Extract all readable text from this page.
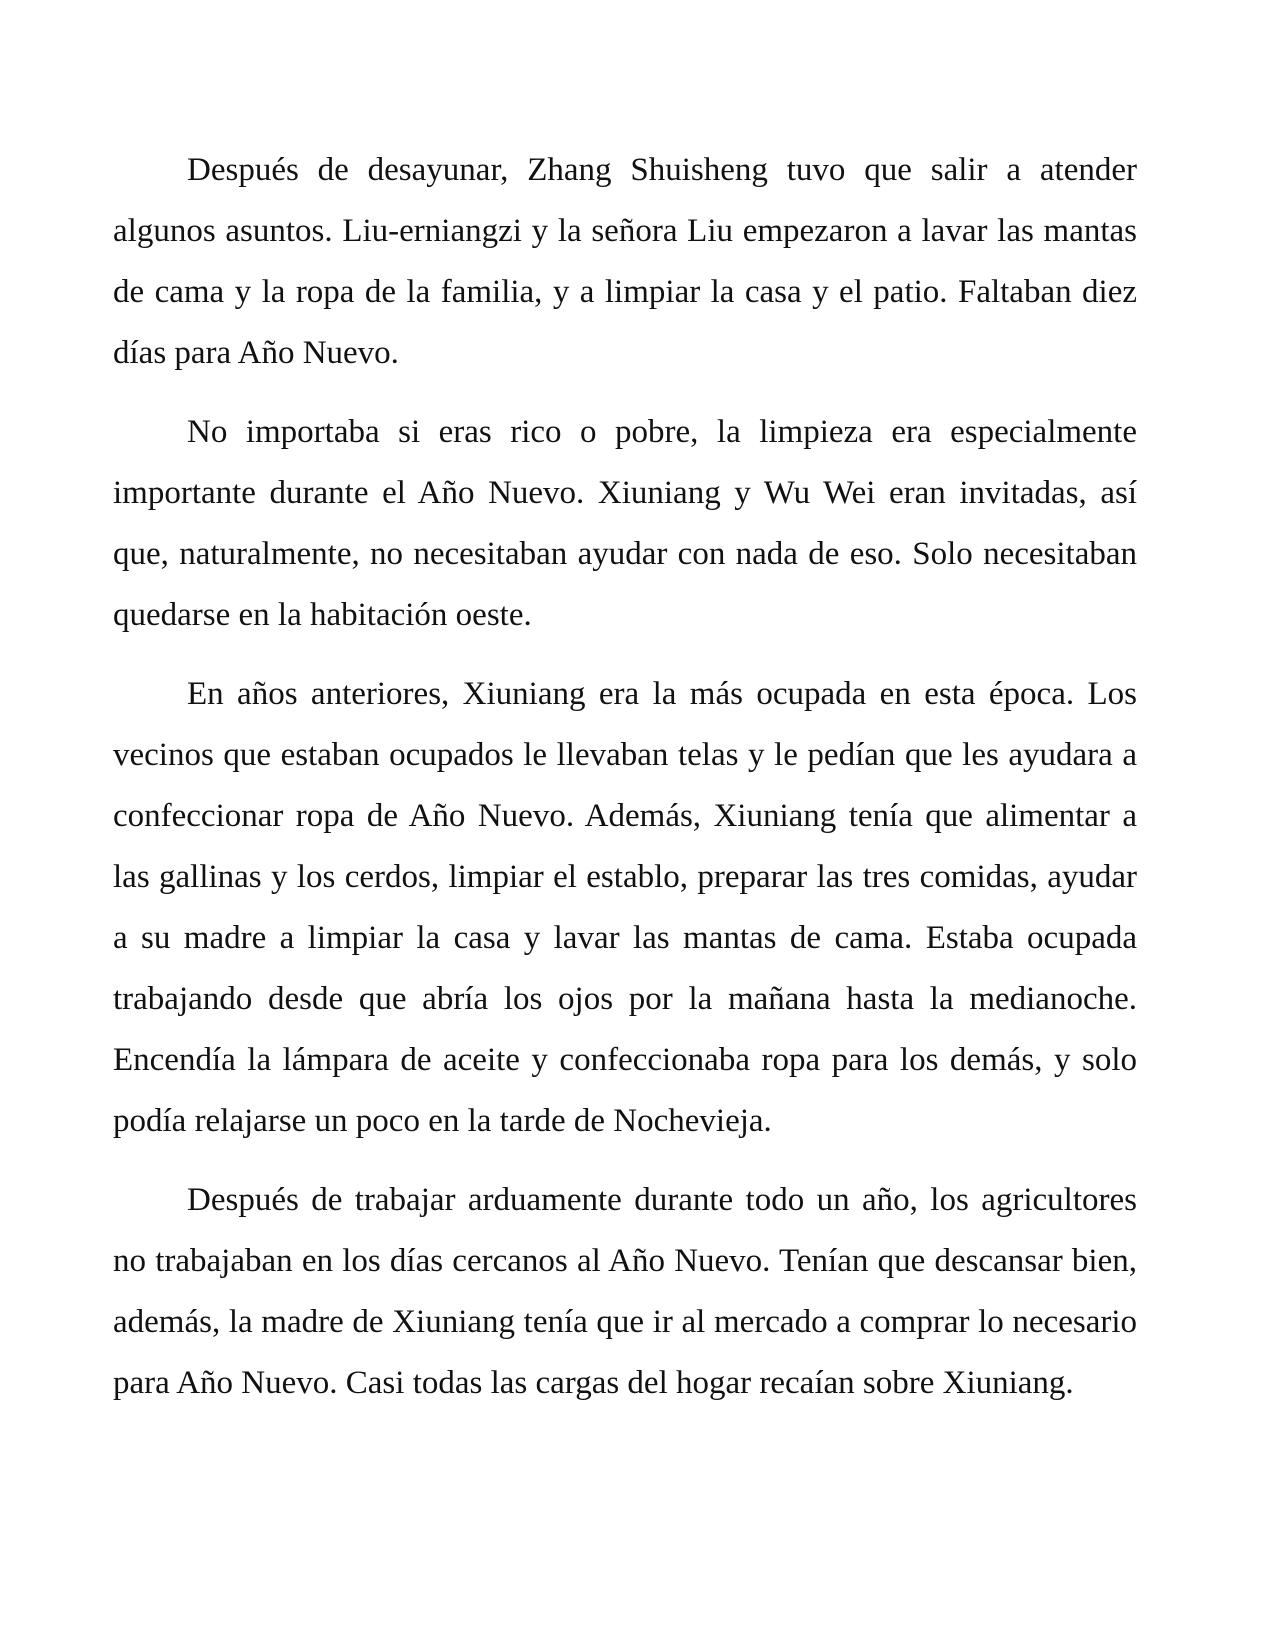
Después de desayunar, Zhang Shuisheng tuvo que salir a atender algunos asuntos. Liu-erniangzi y la señora Liu empezaron a lavar las mantas de cama y la ropa de la familia, y a limpiar la casa y el patio. Faltaban diez días para Año Nuevo.

No importaba si eras rico o pobre, la limpieza era especialmente importante durante el Año Nuevo. Xiuniang y Wu Wei eran invitadas, así que, naturalmente, no necesitaban ayudar con nada de eso. Solo necesitaban quedarse en la habitación oeste.

En años anteriores, Xiuniang era la más ocupada en esta época. Los vecinos que estaban ocupados le llevaban telas y le pedían que les ayudara a confeccionar ropa de Año Nuevo. Además, Xiuniang tenía que alimentar a las gallinas y los cerdos, limpiar el establo, preparar las tres comidas, ayudar a su madre a limpiar la casa y lavar las mantas de cama. Estaba ocupada trabajando desde que abría los ojos por la mañana hasta la medianoche. Encendía la lámpara de aceite y confeccionaba ropa para los demás, y solo podía relajarse un poco en la tarde de Nochevieja.

Después de trabajar arduamente durante todo un año, los agricultores no trabajaban en los días cercanos al Año Nuevo. Tenían que descansar bien, además, la madre de Xiuniang tenía que ir al mercado a comprar lo necesario para Año Nuevo. Casi todas las cargas del hogar recaían sobre Xiuniang.
